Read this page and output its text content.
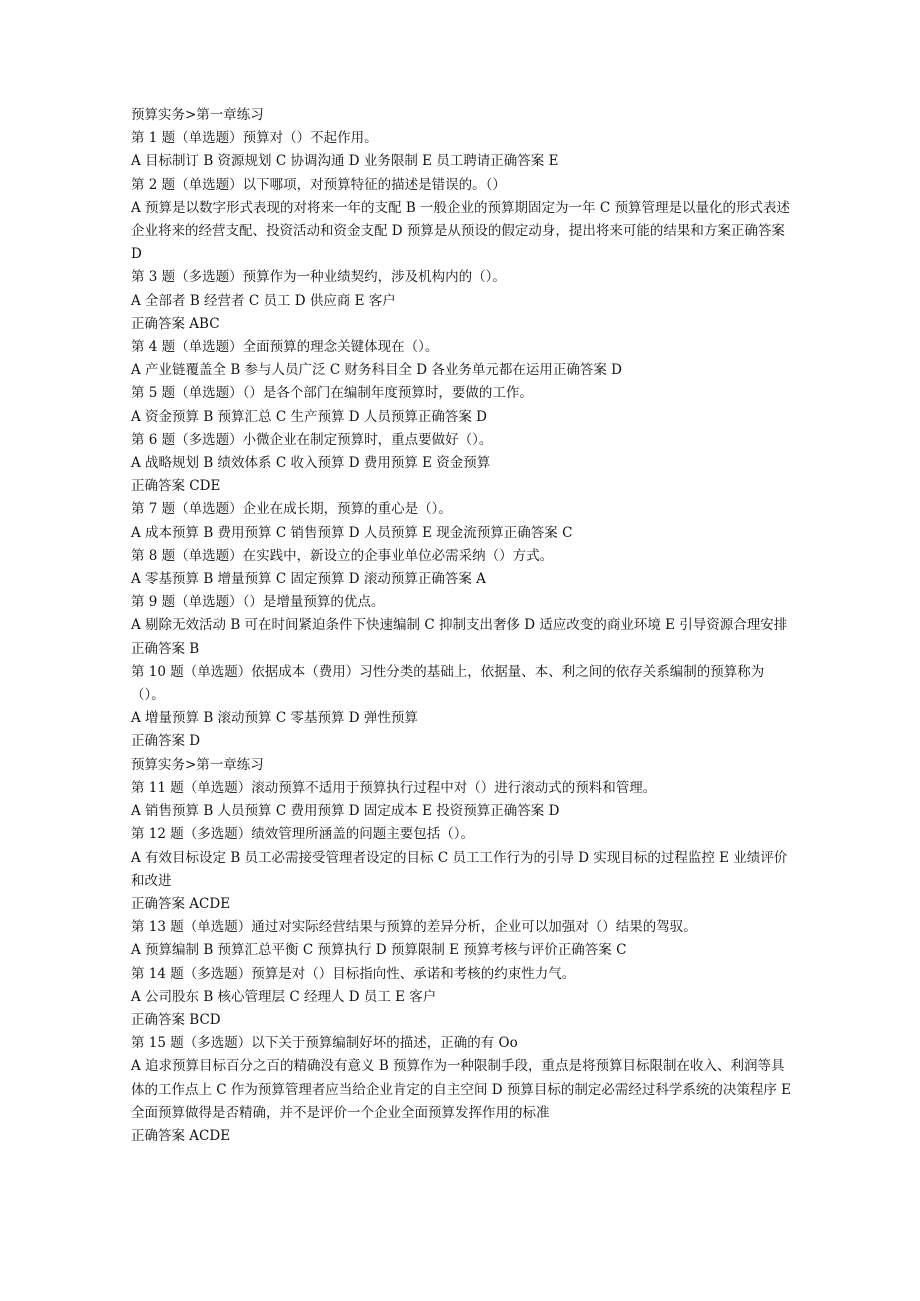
预算实务>第一章练习

第 1 题（单选题）预算对（）不起作用。

A 目标制订 B 资源规划 C 协调沟通 D 业务限制 E 员工聘请正确答案 E

第 2 题（单选题）以下哪项，对预算特征的描述是错误的。（）

A 预算是以数字形式表现的对将来一年的支配 B 一般企业的预算期固定为一年 C 预算管理是以量化的形式表述企业将来的经营支配、投资活动和资金支配 D 预算是从预设的假定动身，提出将来可能的结果和方案正确答案 D

第 3 题（多选题）预算作为一种业绩契约，涉及机构内的（）。

A 全部者 B 经营者 C 员工 D 供应商 E 客户

正确答案 ABC

第 4 题（单选题）全面预算的理念关键体现在（）。

A 产业链覆盖全 B 参与人员广泛 C 财务科目全 D 各业务单元都在运用正确答案 D

第 5 题（单选题）（）是各个部门在编制年度预算时，要做的工作。

A 资金预算 B 预算汇总 C 生产预算 D 人员预算正确答案 D

第 6 题（多选题）小微企业在制定预算时，重点要做好（）。

A 战略规划 B 绩效体系 C 收入预算 D 费用预算 E 资金预算

正确答案 CDE

第 7 题（单选题）企业在成长期，预算的重心是（）。

A 成本预算 B 费用预算 C 销售预算 D 人员预算 E 现金流预算正确答案 C

第 8 题（单选题）在实践中，新设立的企事业单位必需采纳（）方式。

A 零基预算 B 增量预算 C 固定预算 D 滚动预算正确答案 A

第 9 题（单选题）（）是增量预算的优点。

A 剔除无效活动 B 可在时间紧迫条件下快速编制 C 抑制支出奢侈 D 适应改变的商业环境 E 引导资源合理安排

正确答案 B

第 10 题（单选题）依据成本（费用）习性分类的基础上，依据量、本、利之间的依存关系编制的预算称为（）。

A 增量预算 B 滚动预算 C 零基预算 D 弹性预算

正确答案 D

预算实务>第一章练习

第 11 题（单选题）滚动预算不适用于预算执行过程中对（）进行滚动式的预料和管理。

A 销售预算 B 人员预算 C 费用预算 D 固定成本 E 投资预算正确答案 D

第 12 题（多选题）绩效管理所涵盖的问题主要包括（）。

A 有效目标设定 B 员工必需接受管理者设定的目标 C 员工工作行为的引导 D 实现目标的过程监控 E 业绩评价和改进

正确答案 ACDE

第 13 题（单选题）通过对实际经营结果与预算的差异分析，企业可以加强对（）结果的驾驭。

A 预算编制 B 预算汇总平衡 C 预算执行 D 预算限制 E 预算考核与评价正确答案 C

第 14 题（多选题）预算是对（）目标指向性、承诺和考核的约束性力气。

A 公司股东 B 核心管理层 C 经理人 D 员工 E 客户

正确答案 BCD

第 15 题（多选题）以下关于预算编制好坏的描述，正确的有 Oo

A 追求预算目标百分之百的精确没有意义 B 预算作为一种限制手段，重点是将预算目标限制在收入、利润等具体的工作点上 C 作为预算管理者应当给企业肯定的自主空间 D 预算目标的制定必需经过科学系统的决策程序 E 全面预算做得是否精确，并不是评价一个企业全面预算发挥作用的标准

正确答案 ACDE
